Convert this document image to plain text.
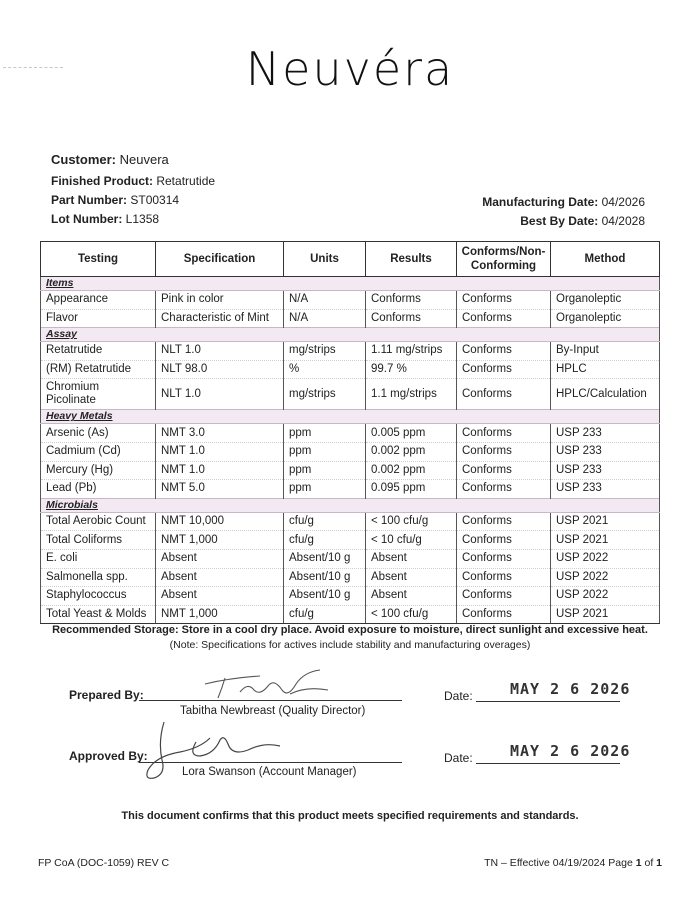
Neuvéra
Customer: Neuvera
Finished Product: Retatrutide
Part Number: ST00314
Lot Number: L1358
Manufacturing Date: 04/2026
Best By Date: 04/2028
Testing	Specification	Units	Results	Conforms/Non-Conforming	Method
Items					
Appearance	Pink in color	N/A	Conforms	Conforms	Organoleptic
Flavor	Characteristic of Mint	N/A	Conforms	Conforms	Organoleptic
Assay					
Retatrutide	NLT 1.0	mg/strips	1.11 mg/strips	Conforms	By-Input
(RM) Retatrutide	NLT 98.0	%	99.7 %	Conforms	HPLC
Chromium Picolinate	NLT 1.0	mg/strips	1.1 mg/strips	Conforms	HPLC/Calculation
Heavy Metals					
Arsenic (As)	NMT 3.0	ppm	0.005 ppm	Conforms	USP 233
Cadmium (Cd)	NMT 1.0	ppm	0.002 ppm	Conforms	USP 233
Mercury (Hg)	NMT 1.0	ppm	0.002 ppm	Conforms	USP 233
Lead (Pb)	NMT 5.0	ppm	0.095 ppm	Conforms	USP 233
Microbials					
Total Aerobic Count	NMT 10,000	cfu/g	< 100 cfu/g	Conforms	USP 2021
Total Coliforms	NMT 1,000	cfu/g	< 10 cfu/g	Conforms	USP 2021
E. coli	Absent	Absent/10 g	Absent	Conforms	USP 2022
Salmonella spp.	Absent	Absent/10 g	Absent	Conforms	USP 2022
Staphylococcus	Absent	Absent/10 g	Absent	Conforms	USP 2022
Total Yeast & Molds	NMT 1,000	cfu/g	< 100 cfu/g	Conforms	USP 2021
Recommended Storage: Store in a cool dry place. Avoid exposure to moisture, direct sunlight and excessive heat.
(Note: Specifications for actives include stability and manufacturing overages)
Prepared By:
Tabitha Newbreast (Quality Director)
Date: MAY 2 6 2026
Approved By:
Lora Swanson (Account Manager)
Date: MAY 2 6 2026
This document confirms that this product meets specified requirements and standards.
FP CoA (DOC-1059) REV C	TN – Effective 04/19/2024 Page 1 of 1
